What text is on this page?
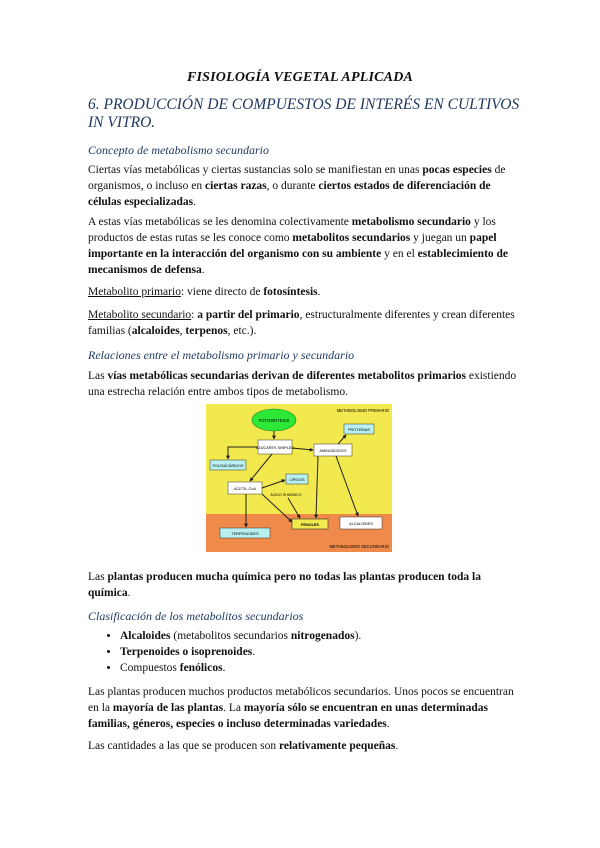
FISIOLOGÍA VEGETAL APLICADA
6. PRODUCCIÓN DE COMPUESTOS DE INTERÉS EN CULTIVOS IN VITRO.
Concepto de metabolismo secundario

Ciertas vías metabólicas y ciertas sustancias solo se manifiestan en unas pocas especies de organismos, o incluso en ciertas razas, o durante ciertos estados de diferenciación de células especializadas.

A estas vías metabólicas se les denomina colectivamente metabolismo secundario y los productos de estas rutas se les conoce como metabolitos secundarios y juegan un papel importante en la interacción del organismo con su ambiente y en el establecimiento de mecanismos de defensa.

Metabolito primario: viene directo de fotosíntesis.

Metabolito secundario: a partir del primario, estructuralmente diferentes y crean diferentes familias (alcaloides, terpenos, etc.).

Relaciones entre el metabolismo primario y secundario

Las vías metabólicas secundarias derivan de diferentes metabolitos primarios existiendo una estrecha relación entre ambos tipos de metabolismo.

METABOLISMO PRIMARIO
METABOLISMO SECUNDARIO
FOTOSÍNTESIS
AZÚCARES SIMPLES
PROTEÍNAS
AMINOÁCIDOS
POLISACÁRIDOS
ACETIL-CoA
LÍPIDOS
ÁCIDO SHIKÍMICO
FENOLES	ALCALOIDES
TERPENOIDES

Las plantas producen mucha química pero no todas las plantas producen toda la química.

Clasificación de los metabolitos secundarios
• Alcaloides (metabolitos secundarios nitrogenados).
• Terpenoides o isoprenoides.
• Compuestos fenólicos.

Las plantas producen muchos productos metabólicos secundarios. Unos pocos se encuentran en la mayoría de las plantas. La mayoría sólo se encuentran en unas determinadas familias, géneros, especies o incluso determinadas variedades.

Las cantidades a las que se producen son relativamente pequeñas.
